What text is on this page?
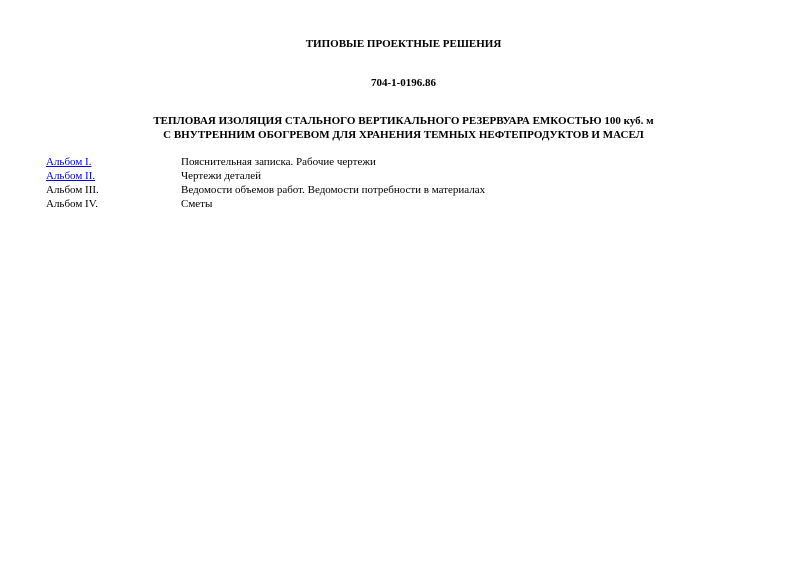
ТИПОВЫЕ ПРОЕКТНЫЕ РЕШЕНИЯ

704-1-0196.86

ТЕПЛОВАЯ ИЗОЛЯЦИЯ СТАЛЬНОГО ВЕРТИКАЛЬНОГО РЕЗЕРВУАРА ЕМКОСТЬЮ 100 куб. м

С ВНУТРЕННИМ ОБОГРЕВОМ ДЛЯ ХРАНЕНИЯ ТЕМНЫХ НЕФТЕПРОДУКТОВ И МАСЕЛ

Альбом I.	Пояснительная записка. Рабочие чертежи
Альбом II.	Чертежи деталей
Альбом III.	Ведомости объемов работ. Ведомости потребности в материалах
Альбом IV.	Сметы
